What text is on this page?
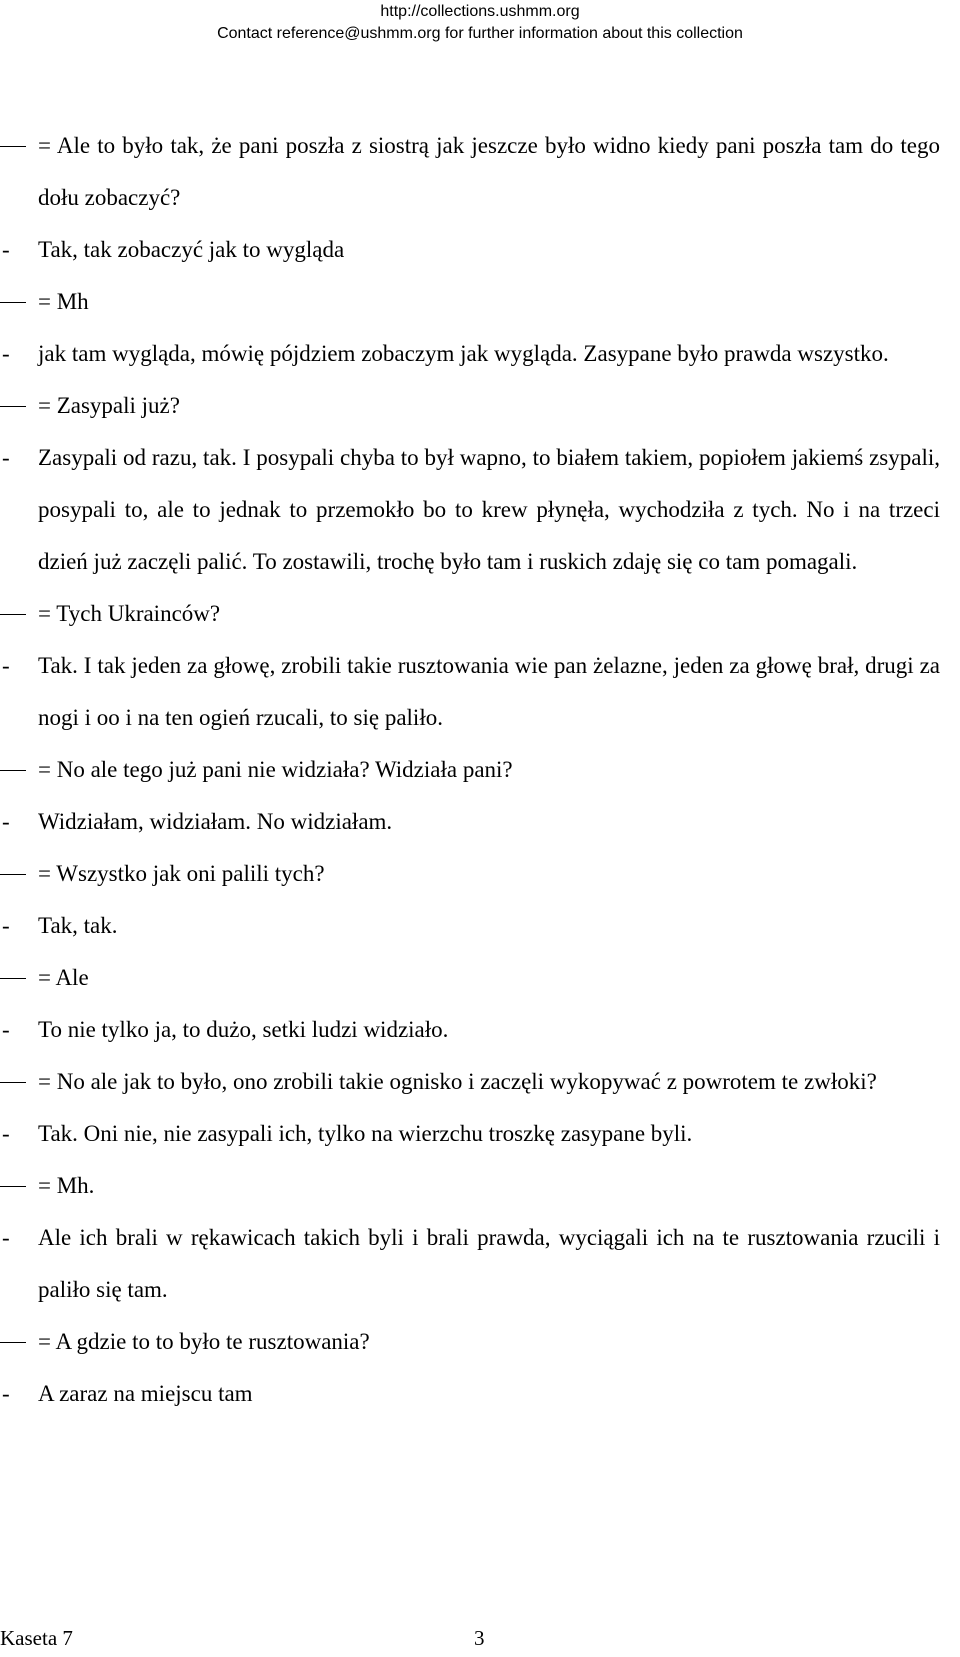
http://collections.ushmm.org
Contact reference@ushmm.org for further information about this collection
= Ale to było tak, że pani poszła z siostrą jak jeszcze było widno kiedy pani poszła tam do tego dołu zobaczyć?
- Tak, tak zobaczyć jak to wygląda
= Mh
- jak tam wygląda, mówię pójdziem zobaczym jak wygląda. Zasypane było prawda wszystko.
= Zasypali już?
- Zasypali od razu, tak. I posypali chyba to był wapno, to białem takiem, popiołem jakiemś zsypali, posypali to, ale to jednak to przemokło bo to krew płynęła, wychodziła z tych. No i na trzeci dzień już zaczęli palić. To zostawili, trochę było tam i ruskich zdaję się co tam pomagali.
= Tych Ukrainców?
- Tak. I tak jeden za głowę, zrobili takie rusztowania wie pan żelazne, jeden za głowę brał, drugi za nogi i oo i na ten ogień rzucali, to się paliło.
= No ale tego już pani nie widziała? Widziała pani?
- Widziałam, widziałam. No widziałam.
= Wszystko jak oni palili tych?
- Tak, tak.
= Ale
- To nie tylko ja, to dużo, setki ludzi widziało.
= No ale jak to było, ono zrobili takie ognisko i zaczęli wykopywać z powrotem te zwłoki?
- Tak. Oni nie, nie zasypali ich, tylko na wierzchu troszkę zasypane byli.
= Mh.
- Ale ich brali w rękawicach takich byli i brali prawda, wyciągali ich na te rusztowania rzucili i paliło się tam.
= A gdzie to to było te rusztowania?
- A zaraz na miejscu tam
Kaseta 7	3
